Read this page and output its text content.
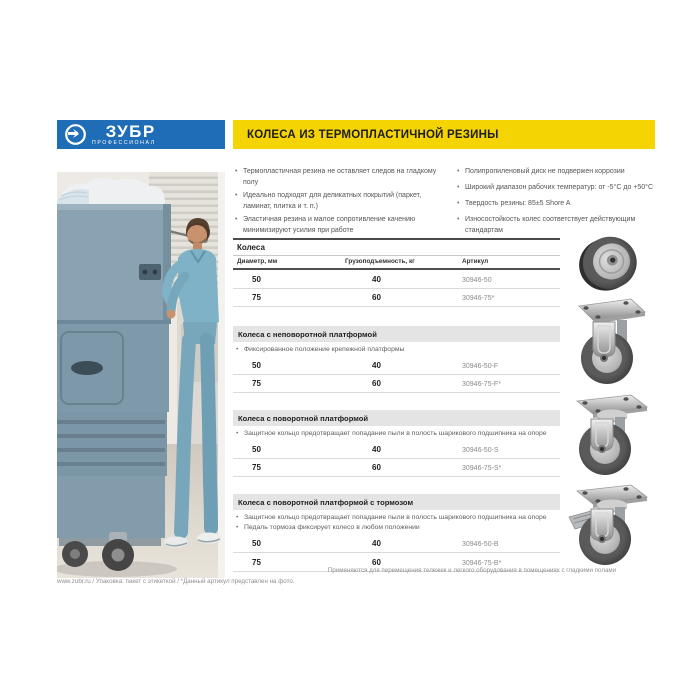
ЗУБР
ПРОФЕССИОНАЛ
КОЛЕСА ИЗ ТЕРМОПЛАСТИЧНОЙ РЕЗИНЫ
• Термопластичная резина не оставляет следов на гладкому полу
• Идеально подходят для деликатных покрытий (паркет, ламинат, плитка и т. п.)
• Эластичная резина и малое сопротивление качению минимизируют усилия при работе
• Полипропиленовый диск не подвержен коррозии
• Широкий диапазон рабочих температур: от -5°С до +50°С
• Твердость резины: 85±5 Shore A
• Износостойкость колес соответствует действующим стандартам
Колеса
Диаметр, мм	Грузоподъемность, кг	Артикул
50	40	30946-50
75	60	30946-75*
Колеса с неповоротной платформой
• Фиксированное положение крепежной платформы
50	40	30946-50-F
75	60	30946-75-F*
Колеса с поворотной платформой
• Защитное кольцо предотвращает попадание пыли в полость шарикового подшипника на опоре
50	40	30946-50-S
75	60	30946-75-S*
Колеса с поворотной платформой с тормозом
• Защитное кольцо предотвращает попадание пыли в полость шарикового подшипника на опоре
• Педаль тормоза фиксирует колесо в любом положении
50	40	30946-50-B
75	60	30946-75-B*
Применяются для перемещения тележек и легкого оборудования в помещениях с гладкими полами
www.zubr.ru / Упаковка: пакет с этикеткой / *Данный артикул представлен на фото.
